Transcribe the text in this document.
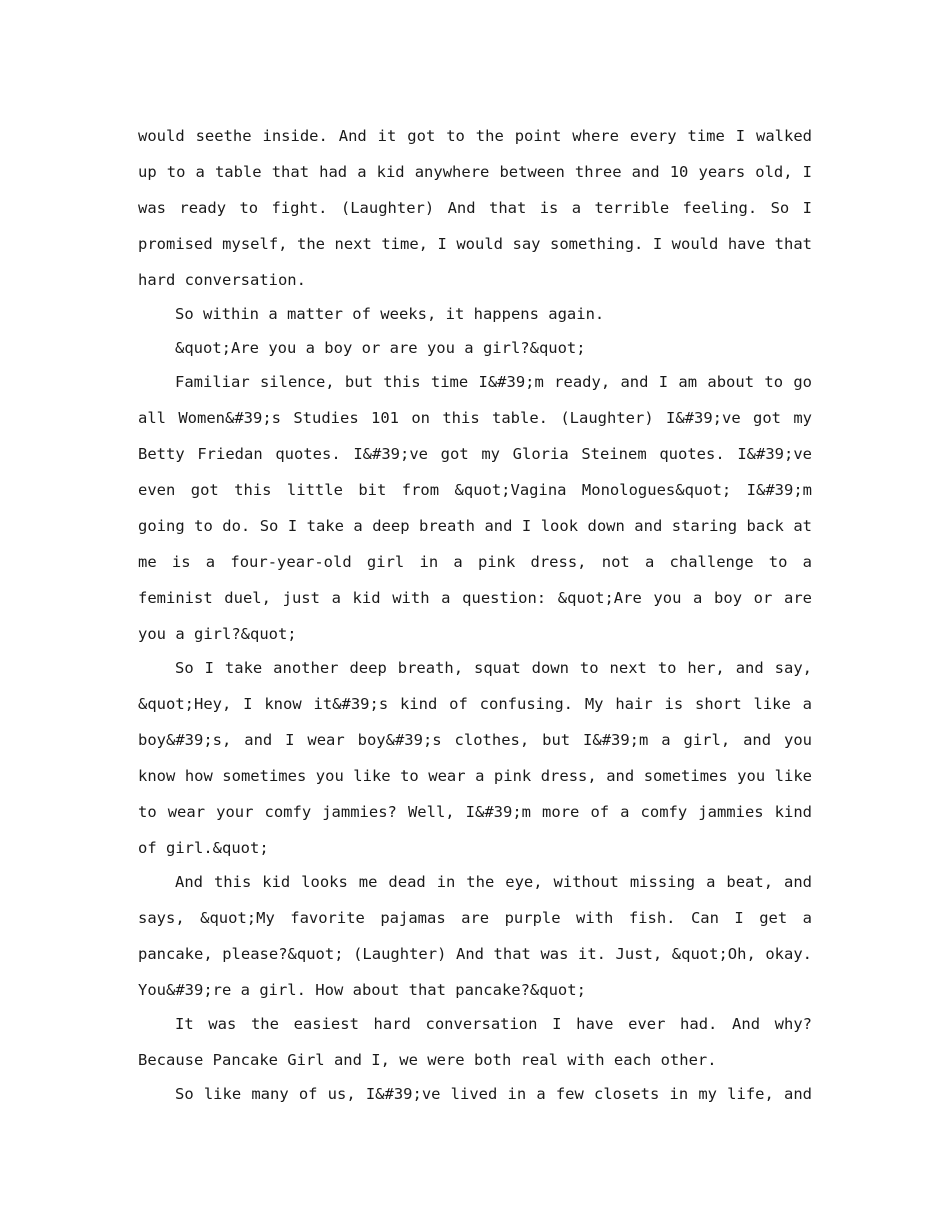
would seethe inside. And it got to the point where every time I walked up to a table that had a kid anywhere between three and 10 years old, I was ready to fight. (Laughter) And that is a terrible feeling. So I promised myself, the next time, I would say something. I would have that hard conversation.

So within a matter of weeks, it happens again.

&quot;Are you a boy or are you a girl?&quot;

Familiar silence, but this time I&#39;m ready, and I am about to go all Women&#39;s Studies 101 on this table. (Laughter) I&#39;ve got my Betty Friedan quotes. I&#39;ve got my Gloria Steinem quotes. I&#39;ve even got this little bit from &quot;Vagina Monologues&quot; I&#39;m going to do. So I take a deep breath and I look down and staring back at me is a four-year-old girl in a pink dress, not a challenge to a feminist duel, just a kid with a question: &quot;Are you a boy or are you a girl?&quot;

So I take another deep breath, squat down to next to her, and say, &quot;Hey, I know it&#39;s kind of confusing. My hair is short like a boy&#39;s, and I wear boy&#39;s clothes, but I&#39;m a girl, and you know how sometimes you like to wear a pink dress, and sometimes you like to wear your comfy jammies? Well, I&#39;m more of a comfy jammies kind of girl.&quot;

And this kid looks me dead in the eye, without missing a beat, and says, &quot;My favorite pajamas are purple with fish. Can I get a pancake, please?&quot; (Laughter) And that was it. Just, &quot;Oh, okay. You&#39;re a girl. How about that pancake?&quot;

It was the easiest hard conversation I have ever had. And why? Because Pancake Girl and I, we were both real with each other.

So like many of us, I&#39;ve lived in a few closets in my life, and
